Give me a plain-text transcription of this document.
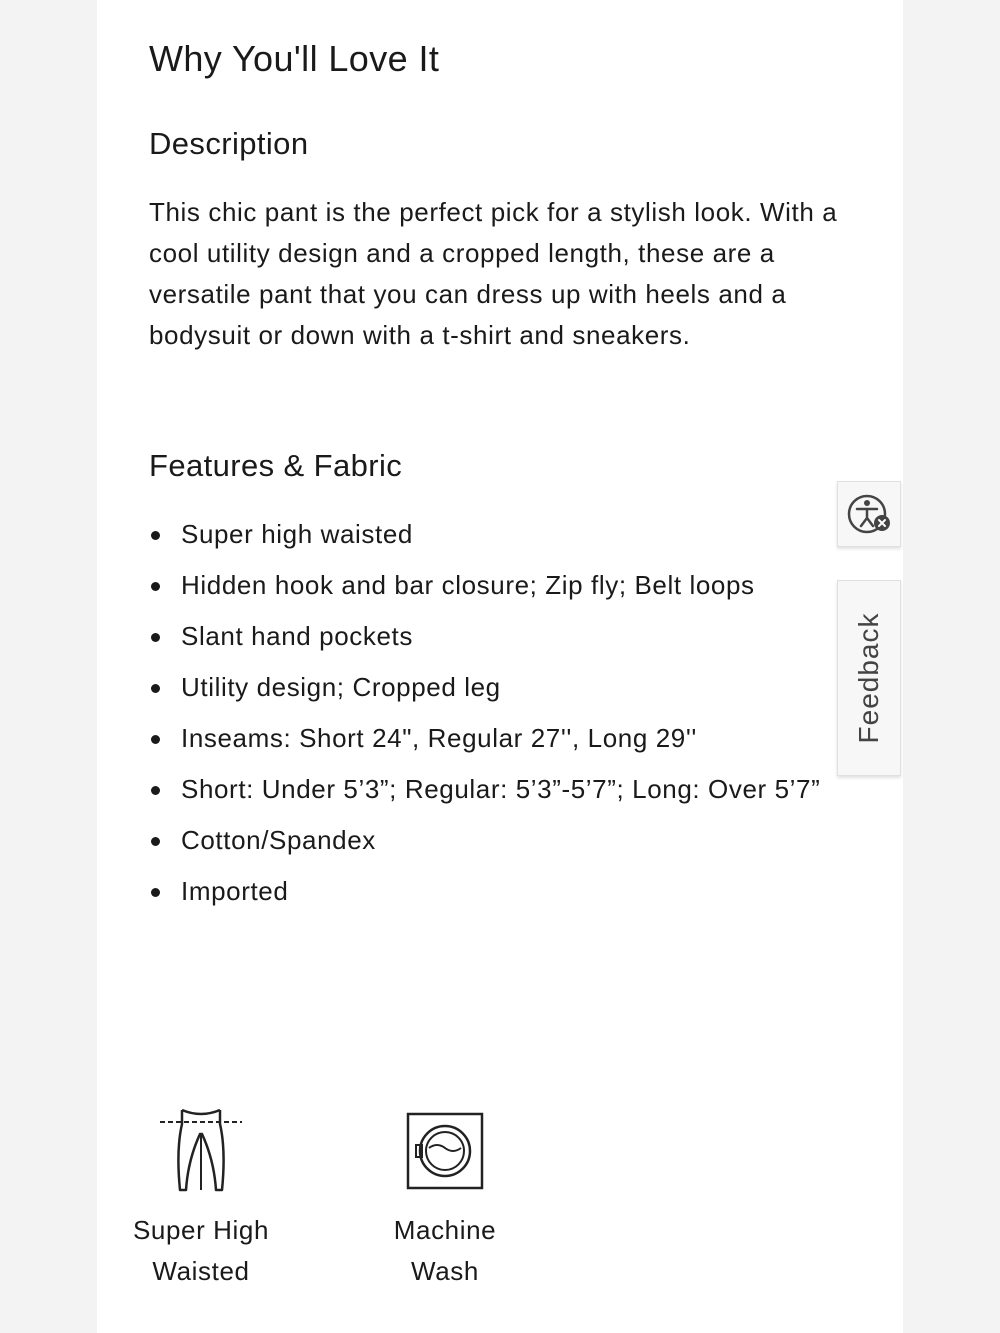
Why You'll Love It
Description

This chic pant is the perfect pick for a stylish look. With a cool utility design and a cropped length, these are a versatile pant that you can dress up with heels and a bodysuit or down with a t-shirt and sneakers.

Features & Fabric
Super high waisted
Hidden hook and bar closure; Zip fly; Belt loops
Slant hand pockets
Utility design; Cropped leg
Inseams: Short 24", Regular 27'', Long 29''
Short: Under 5’3”; Regular: 5’3”-5’7”; Long: Over 5’7”
Cotton/Spandex
Imported
Super High
Waisted
Machine
Wash
Feedback
